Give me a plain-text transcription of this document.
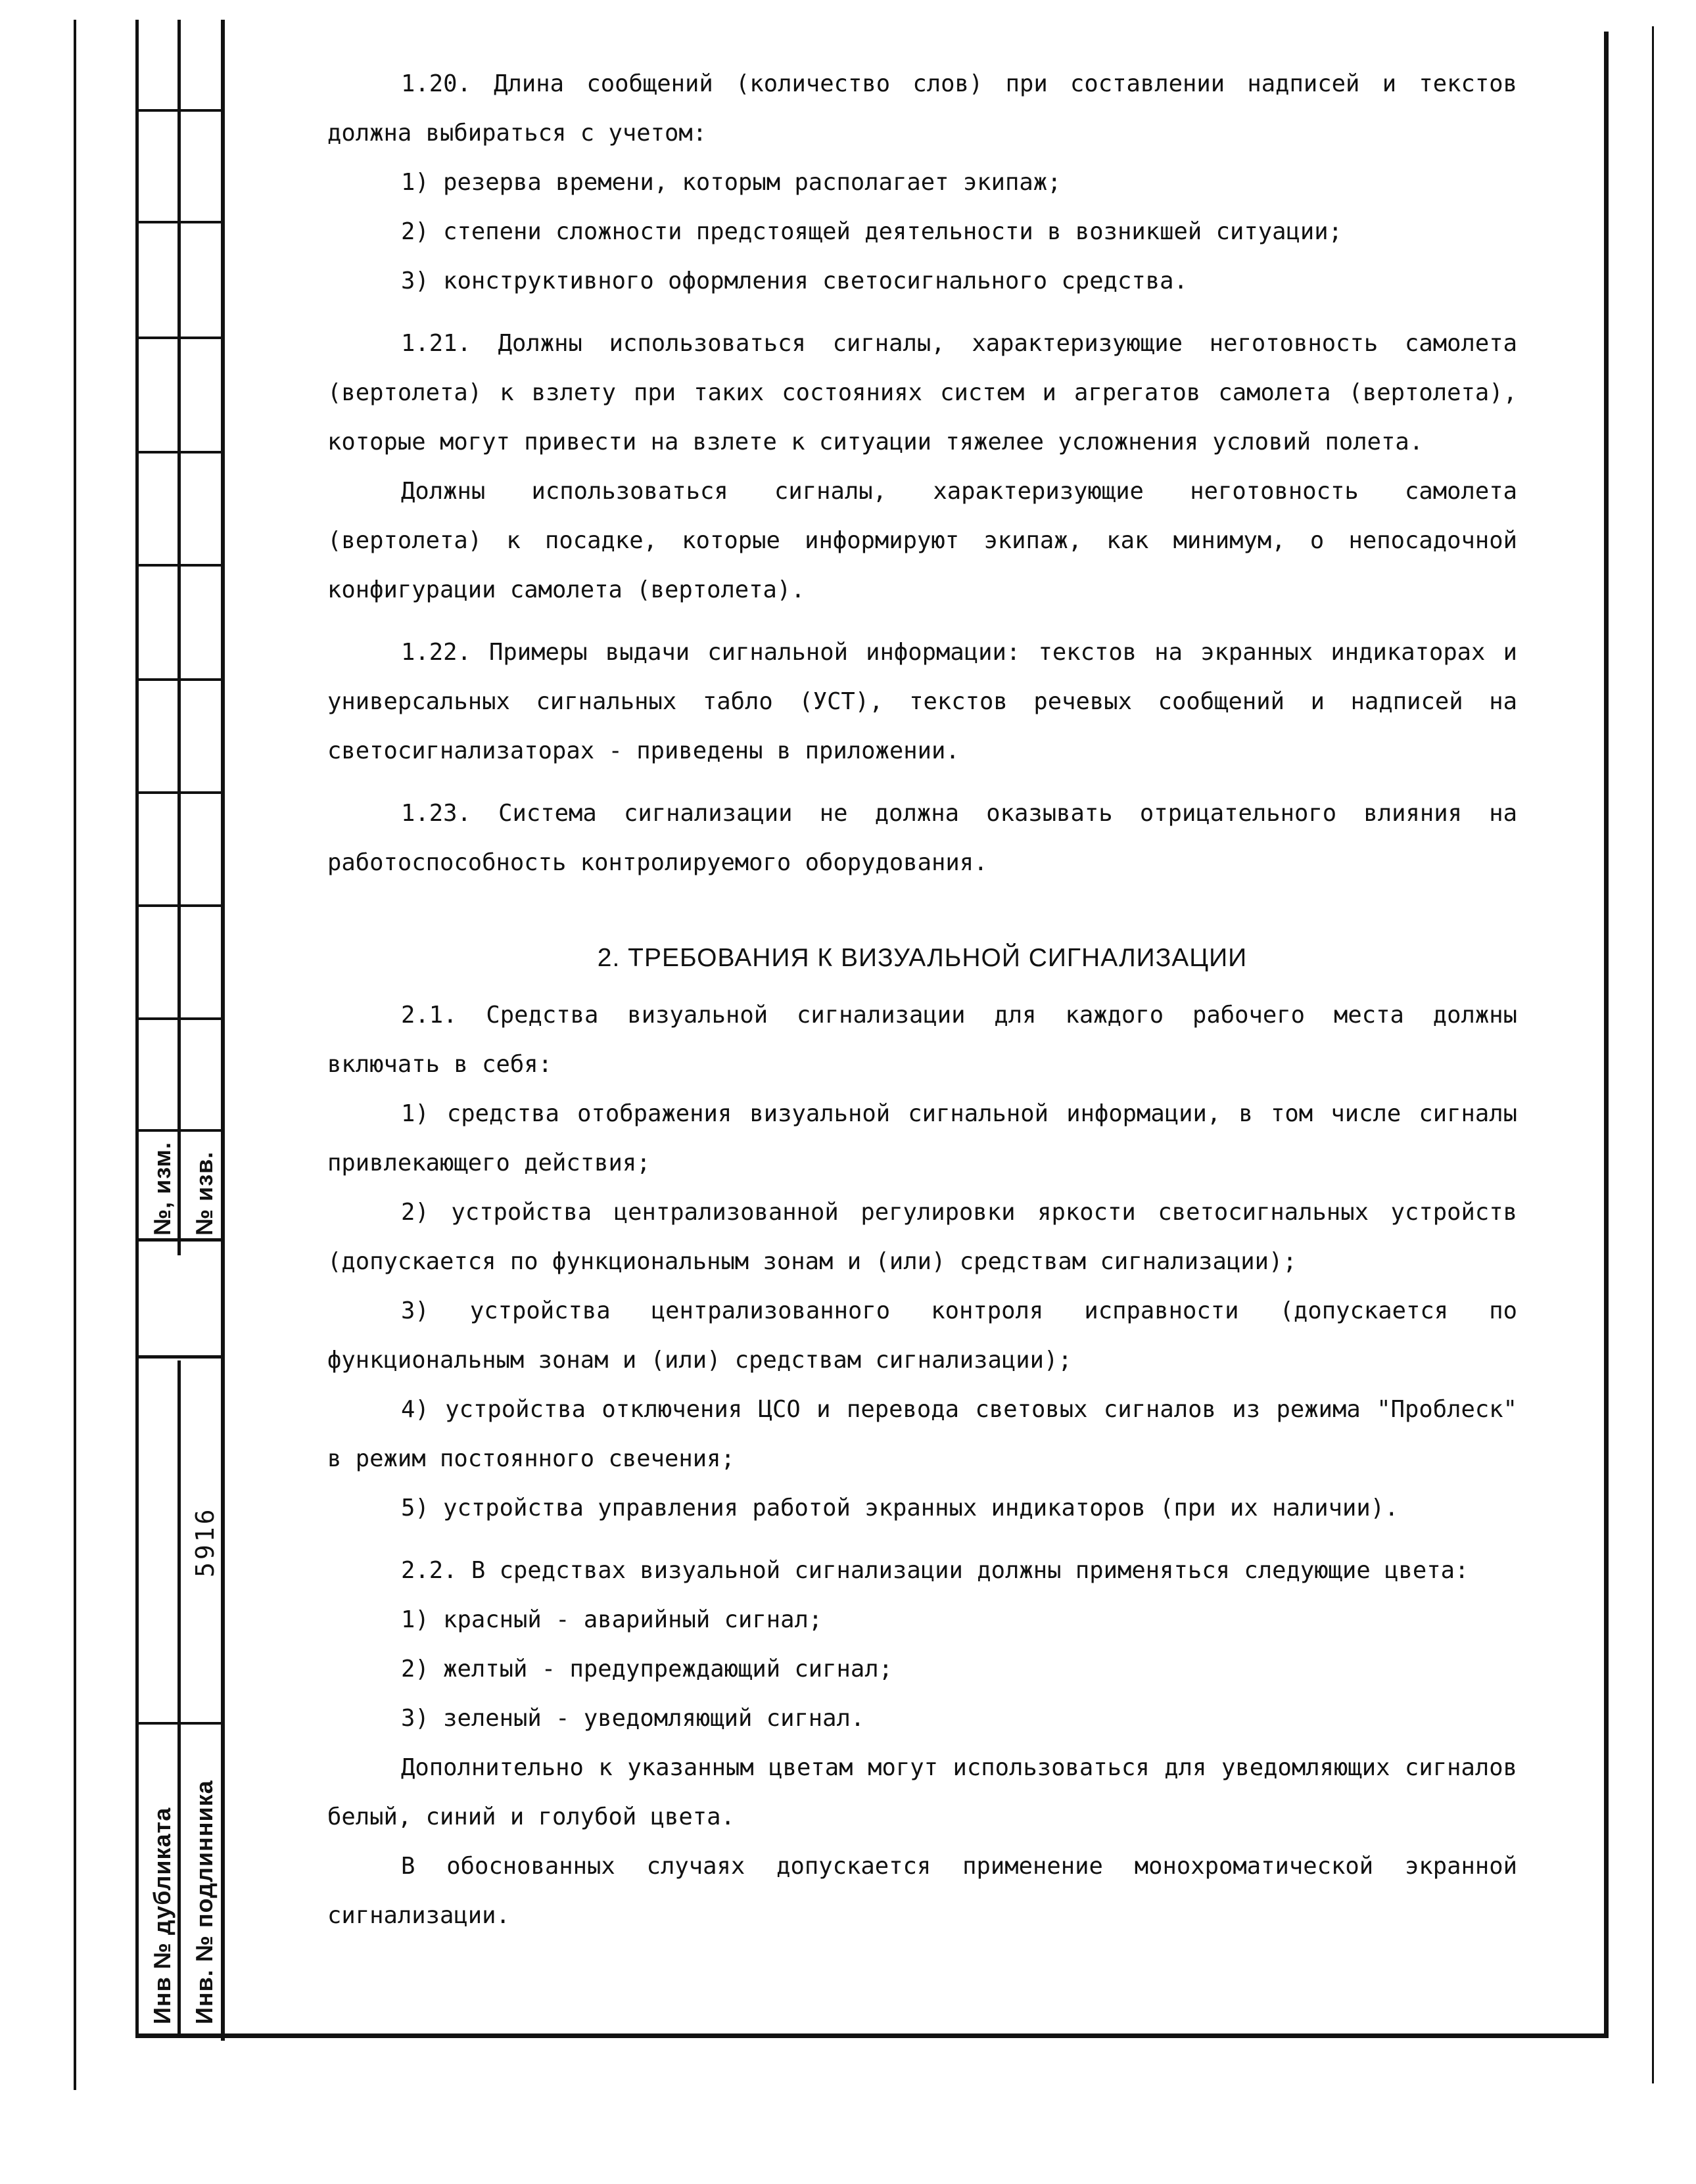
№, изм. № изв.
Инв № дубликата Инв. № подлинника
5916

1.20. Длина сообщений (количество слов) при составлении надписей и текстов должна выбираться с учетом:

1) резерва времени, которым располагает экипаж;

2) степени сложности предстоящей деятельности в возникшей ситуации;

3) конструктивного оформления светосигнального средства.

1.21. Должны использоваться сигналы, характеризующие неготовность самолета (вертолета) к взлету при таких состояниях систем и агрегатов самолета (вертолета), которые могут привести на взлете к ситуации тяжелее усложнения условий полета.

Должны использоваться сигналы, характеризующие неготовность самолета (вертолета) к посадке, которые информируют экипаж, как минимум, о непосадочной конфигурации самолета (вертолета).

1.22. Примеры выдачи сигнальной информации: текстов на экранных индикаторах и универсальных сигнальных табло (УСТ), текстов речевых сообщений и надписей на светосигнализаторах - приведены в приложении.

1.23. Система сигнализации не должна оказывать отрицательного влияния на работоспособность контролируемого оборудования.

2. ТРЕБОВАНИЯ К ВИЗУАЛЬНОЙ СИГНАЛИЗАЦИИ

2.1. Средства визуальной сигнализации для каждого рабочего места должны включать в себя:

1) средства отображения визуальной сигнальной информации, в том числе сигналы привлекающего действия;

2) устройства централизованной регулировки яркости светосигнальных устройств (допускается по функциональным зонам и (или) средствам сигнализации);

3) устройства централизованного контроля исправности (допускается по функциональным зонам и (или) средствам сигнализации);

4) устройства отключения ЦСО и перевода световых сигналов из режима "Проблеск" в режим постоянного свечения;

5) устройства управления работой экранных индикаторов (при их наличии).

2.2. В средствах визуальной сигнализации должны применяться следующие цвета:

1) красный - аварийный сигнал;

2) желтый - предупреждающий сигнал;

3) зеленый - уведомляющий сигнал.

Дополнительно к указанным цветам могут использоваться для уведомляющих сигналов белый, синий и голубой цвета.

В обоснованных случаях допускается применение монохроматической экранной сигнализации.
